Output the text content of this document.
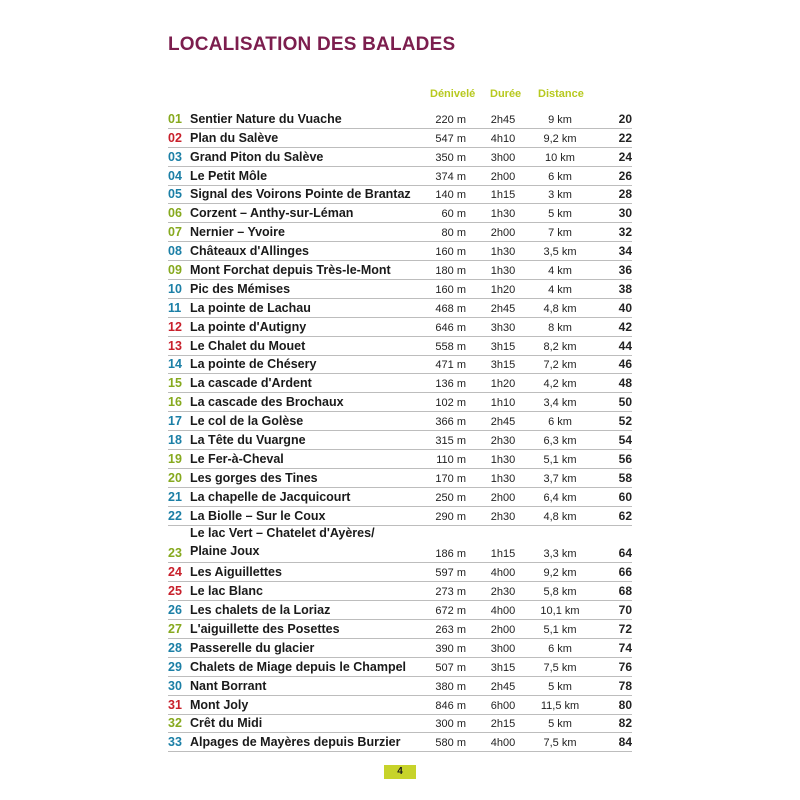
LOCALISATION DES BALADES
Dénivelé Durée Distance
01 Sentier Nature du Vuache	220 m	2h45	9 km	20
02 Plan du Salève	547 m	4h10	9,2 km	22
03 Grand Piton du Salève	350 m	3h00	10 km	24
04 Le Petit Môle	374 m	2h00	6 km	26
05 Signal des Voirons Pointe de Brantaz 140 m	1h15	3 km	28
06 Corzent – Anthy-sur-Léman	60 m	1h30	5 km	30
07 Nernier – Yvoire	80 m	2h00	7 km	32
08 Châteaux d'Allinges	160 m	1h30	3,5 km	34
09 Mont Forchat depuis Très-le-Mont	180 m	1h30	4 km	36
10 Pic des Mémises	160 m	1h20	4 km	38
11 La pointe de Lachau	468 m	2h45	4,8 km	40
12 La pointe d'Autigny	646 m	3h30	8 km	42
13 Le Chalet du Mouet	558 m	3h15	8,2 km	44
14 La pointe de Chésery	471 m	3h15	7,2 km	46
15 La cascade d'Ardent	136 m	1h20	4,2 km	48
16 La cascade des Brochaux	102 m	1h10	3,4 km	50
17 Le col de la Golèse	366 m	2h45	6 km	52
18 La Tête du Vuargne	315 m	2h30	6,3 km	54
19 Le Fer-à-Cheval	110 m	1h30	5,1 km	56
20 Les gorges des Tines	170 m	1h30	3,7 km	58
21 La chapelle de Jacquicourt	250 m	2h00	6,4 km	60
22 La Biolle – Sur le Coux	290 m	2h30	4,8 km	62
23
Le lac Vert – Chatelet d'Ayères/
Plaine Joux	186 m	1h15	3,3 km	64
24 Les Aiguillettes	597 m	4h00	9,2 km	66
25 Le lac Blanc	273 m	2h30	5,8 km	68
26 Les chalets de la Loriaz	672 m	4h00	10,1 km	70
27 L'aiguillette des Posettes	263 m	2h00	5,1 km	72
28 Passerelle du glacier	390 m	3h00	6 km	74
29 Chalets de Miage depuis le Champel	507 m	3h15	7,5 km	76
30 Nant Borrant	380 m	2h45	5 km	78
31 Mont Joly	846 m	6h00	11,5 km	80
32 Crêt du Midi	300 m	2h15	5 km	82
33 Alpages de Mayères depuis Burzier	580 m	4h00	7,5 km	84
4
